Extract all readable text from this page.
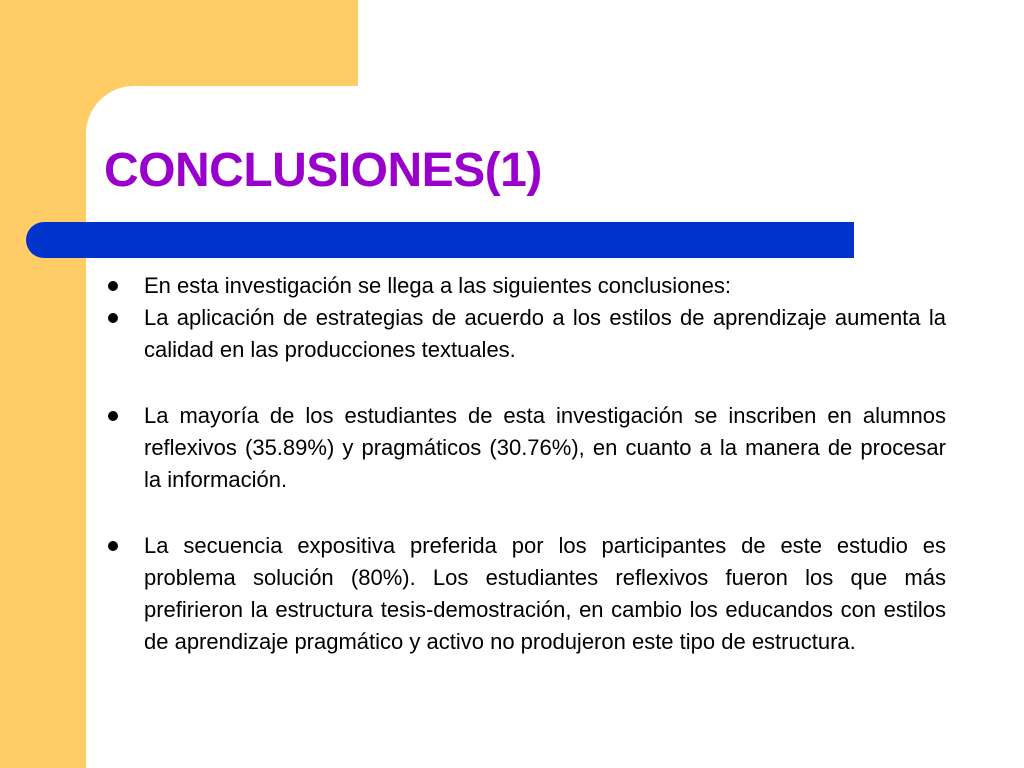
CONCLUSIONES(1)
En esta investigación se llega a las siguientes conclusiones:
La aplicación de estrategias de acuerdo a los estilos de aprendizaje aumenta la calidad en las producciones textuales.
La mayoría de los estudiantes de esta investigación se inscriben en alumnos reflexivos (35.89%) y pragmáticos (30.76%), en cuanto a la manera de procesar la información.
La secuencia expositiva preferida por los participantes de este estudio es problema solución (80%). Los estudiantes reflexivos fueron los que más prefirieron la estructura tesis-demostración, en cambio los educandos con estilos de aprendizaje pragmático y activo no produjeron este tipo de estructura.
